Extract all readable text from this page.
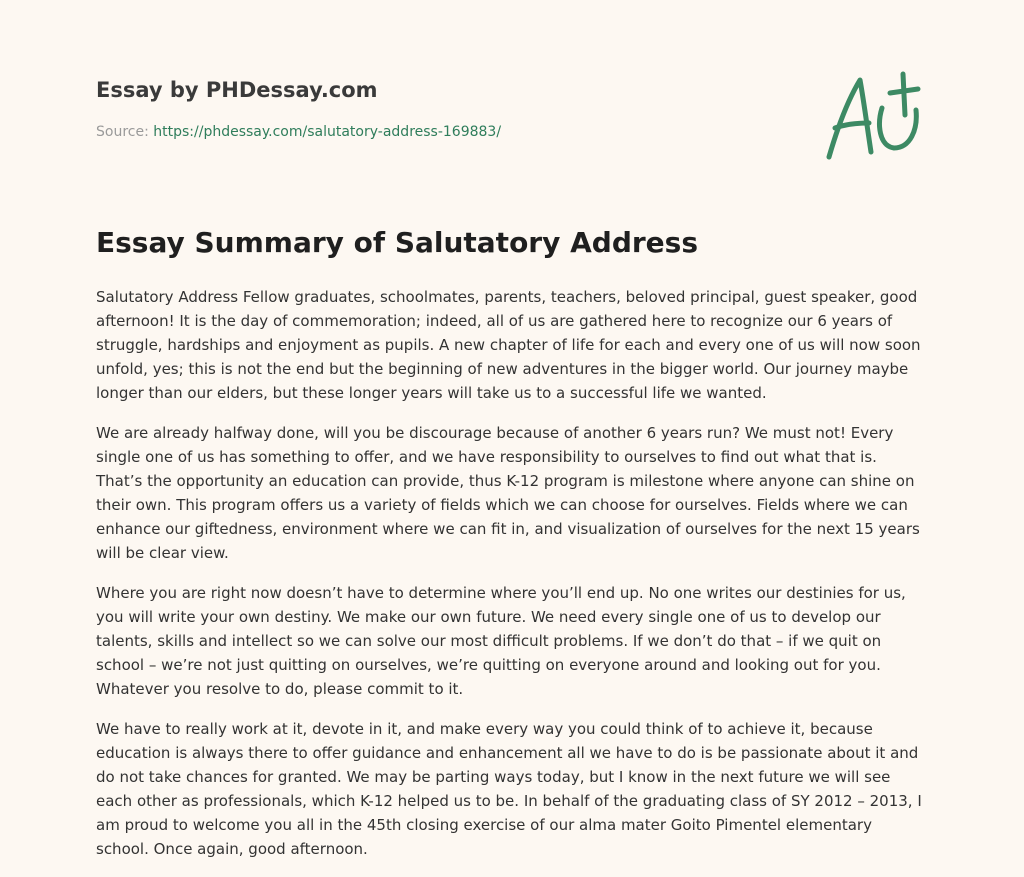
Essay by PHDessay.com
Source: https://phdessay.com/salutatory-address-169883/
Essay Summary of Salutatory Address

Salutatory Address Fellow graduates, schoolmates, parents, teachers, beloved principal, guest speaker, good afternoon! It is the day of commemoration; indeed, all of us are gathered here to recognize our 6 years of struggle, hardships and enjoyment as pupils. A new chapter of life for each and every one of us will now soon unfold, yes; this is not the end but the beginning of new adventures in the bigger world. Our journey maybe longer than our elders, but these longer years will take us to a successful life we wanted.

We are already halfway done, will you be discourage because of another 6 years run? We must not! Every single one of us has something to offer, and we have responsibility to ourselves to find out what that is. That’s the opportunity an education can provide, thus K-12 program is milestone where anyone can shine on their own. This program offers us a variety of fields which we can choose for ourselves. Fields where we can enhance our giftedness, environment where we can fit in, and visualization of ourselves for the next 15 years will be clear view.

Where you are right now doesn’t have to determine where you’ll end up. No one writes our destinies for us, you will write your own destiny. We make our own future. We need every single one of us to develop our talents, skills and intellect so we can solve our most difficult problems. If we don’t do that – if we quit on school – we’re not just quitting on ourselves, we’re quitting on everyone around and looking out for you. Whatever you resolve to do, please commit to it.

We have to really work at it, devote in it, and make every way you could think of to achieve it, because education is always there to offer guidance and enhancement all we have to do is be passionate about it and do not take chances for granted. We may be parting ways today, but I know in the next future we will see each other as professionals, which K-12 helped us to be. In behalf of the graduating class of SY 2012 – 2013, I am proud to welcome you all in the 45th closing exercise of our alma mater Goito Pimentel elementary school. Once again, good afternoon.
